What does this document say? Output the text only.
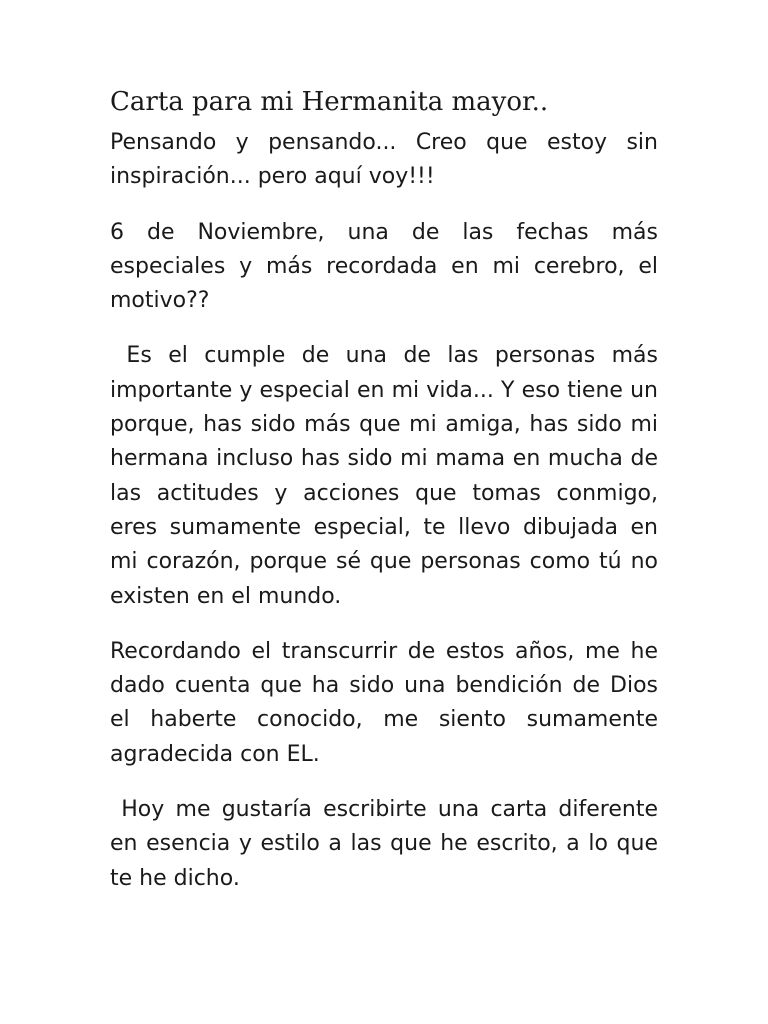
Carta para mi Hermanita mayor..

Pensando y pensando... Creo que estoy sin inspiración... pero aquí voy!!!

6 de Noviembre, una de las fechas más especiales y más recordada en mi cerebro, el motivo??

Es el cumple de una de las personas más importante y especial en mi vida... Y eso tiene un porque, has sido más que mi amiga, has sido mi hermana incluso has sido mi mama en mucha de las actitudes y acciones que tomas conmigo, eres sumamente especial, te llevo dibujada en mi corazón, porque sé que personas como tú no existen en el mundo.

Recordando el transcurrir de estos años, me he dado cuenta que ha sido una bendición de Dios el haberte conocido, me siento sumamente agradecida con EL.

Hoy me gustaría escribirte una carta diferente en esencia y estilo a las que he escrito, a lo que te he dicho.
